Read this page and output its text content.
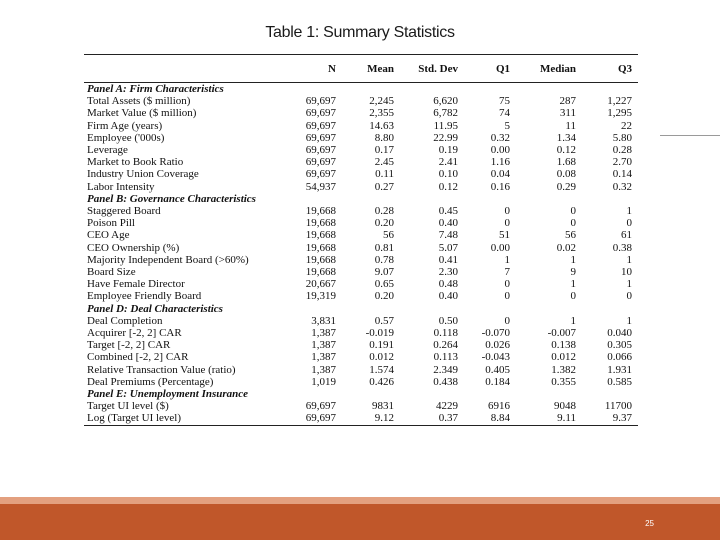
Table 1: Summary Statistics
	N	Mean	Std. Dev	Q1	Median	Q3
Panel A: Firm Characteristics						
Total Assets ($ million)	69,697	2,245	6,620	75	287	1,227
Market Value ($ million)	69,697	2,355	6,782	74	311	1,295
Firm Age (years)	69,697	14.63	11.95	5	11	22
Employee ('000s)	69,697	8.80	22.99	0.32	1.34	5.80
Leverage	69,697	0.17	0.19	0.00	0.12	0.28
Market to Book Ratio	69,697	2.45	2.41	1.16	1.68	2.70
Industry Union Coverage	69,697	0.11	0.10	0.04	0.08	0.14
Labor Intensity	54,937	0.27	0.12	0.16	0.29	0.32
Panel B: Governance Characteristics						
Staggered Board	19,668	0.28	0.45	0	0	1
Poison Pill	19,668	0.20	0.40	0	0	0
CEO Age	19,668	56	7.48	51	56	61
CEO Ownership (%)	19,668	0.81	5.07	0.00	0.02	0.38
Majority Independent Board (>60%)	19,668	0.78	0.41	1	1	1
Board Size	19,668	9.07	2.30	7	9	10
Have Female Director	20,667	0.65	0.48	0	1	1
Employee Friendly Board	19,319	0.20	0.40	0	0	0
Panel D: Deal Characteristics						
Deal Completion	3,831	0.57	0.50	0	1	1
Acquirer [-2, 2] CAR	1,387	-0.019	0.118	-0.070	-0.007	0.040
Target [-2, 2] CAR	1,387	0.191	0.264	0.026	0.138	0.305
Combined [-2, 2] CAR	1,387	0.012	0.113	-0.043	0.012	0.066
Relative Transaction Value (ratio)	1,387	1.574	2.349	0.405	1.382	1.931
Deal Premiums (Percentage)	1,019	0.426	0.438	0.184	0.355	0.585
Panel E: Unemployment Insurance						
Target UI level ($)	69,697	9831	4229	6916	9048	11700
Log (Target UI level)	69,697	9.12	0.37	8.84	9.11	9.37
25
